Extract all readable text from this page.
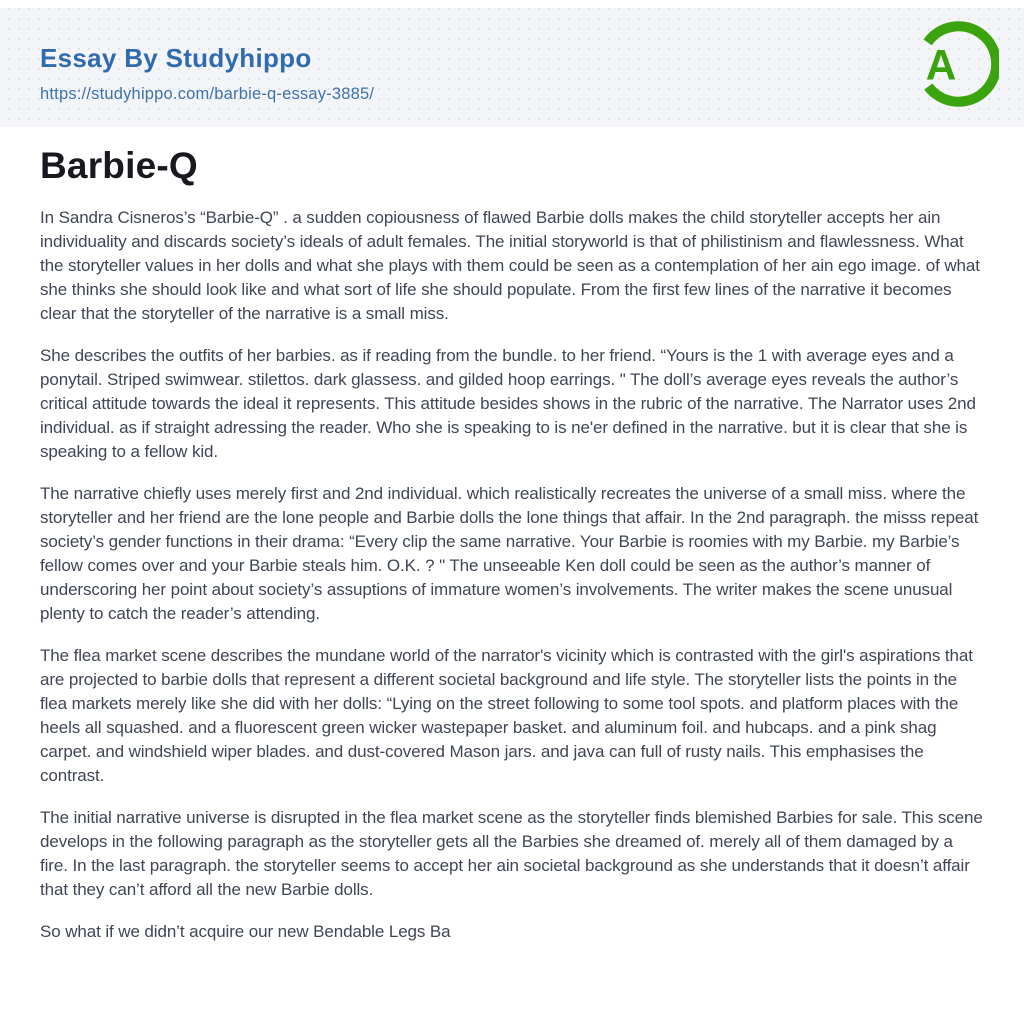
Essay By Studyhippo
https://studyhippo.com/barbie-q-essay-3885/
A
Barbie-Q

In Sandra Cisneros’s “Barbie-Q” . a sudden copiousness of flawed Barbie dolls makes the child storyteller accepts her ain individuality and discards society’s ideals of adult females. The initial storyworld is that of philistinism and flawlessness. What the storyteller values in her dolls and what she plays with them could be seen as a contemplation of her ain ego image. of what she thinks she should look like and what sort of life she should populate. From the first few lines of the narrative it becomes clear that the storyteller of the narrative is a small miss.

She describes the outfits of her barbies. as if reading from the bundle. to her friend. “Yours is the 1 with average eyes and a ponytail. Striped swimwear. stilettos. dark glassess. and gilded hoop earrings. " The doll’s average eyes reveals the author’s critical attitude towards the ideal it represents. This attitude besides shows in the rubric of the narrative. The Narrator uses 2nd individual. as if straight adressing the reader. Who she is speaking to is ne'er defined in the narrative. but it is clear that she is speaking to a fellow kid.

The narrative chiefly uses merely first and 2nd individual. which realistically recreates the universe of a small miss. where the storyteller and her friend are the lone people and Barbie dolls the lone things that affair. In the 2nd paragraph. the misss repeat society’s gender functions in their drama: “Every clip the same narrative. Your Barbie is roomies with my Barbie. my Barbie’s fellow comes over and your Barbie steals him. O.K. ? " The unseeable Ken doll could be seen as the author’s manner of underscoring her point about society’s assuptions of immature women’s involvements. The writer makes the scene unusual plenty to catch the reader’s attending.

The flea market scene describes the mundane world of the narrator's vicinity which is contrasted with the girl's aspirations that are projected to barbie dolls that represent a different societal background and life style. The storyteller lists the points in the flea markets merely like she did with her dolls: “Lying on the street following to some tool spots. and platform places with the heels all squashed. and a fluorescent green wicker wastepaper basket. and aluminum foil. and hubcaps. and a pink shag carpet. and windshield wiper blades. and dust-covered Mason jars. and java can full of rusty nails. This emphasises the contrast.

The initial narrative universe is disrupted in the flea market scene as the storyteller finds blemished Barbies for sale. This scene develops in the following paragraph as the storyteller gets all the Barbies she dreamed of. merely all of them damaged by a fire. In the last paragraph. the storyteller seems to accept her ain societal background as she understands that it doesn’t affair that they can’t afford all the new Barbie dolls.

So what if we didn’t acquire our new Bendable Legs Ba
